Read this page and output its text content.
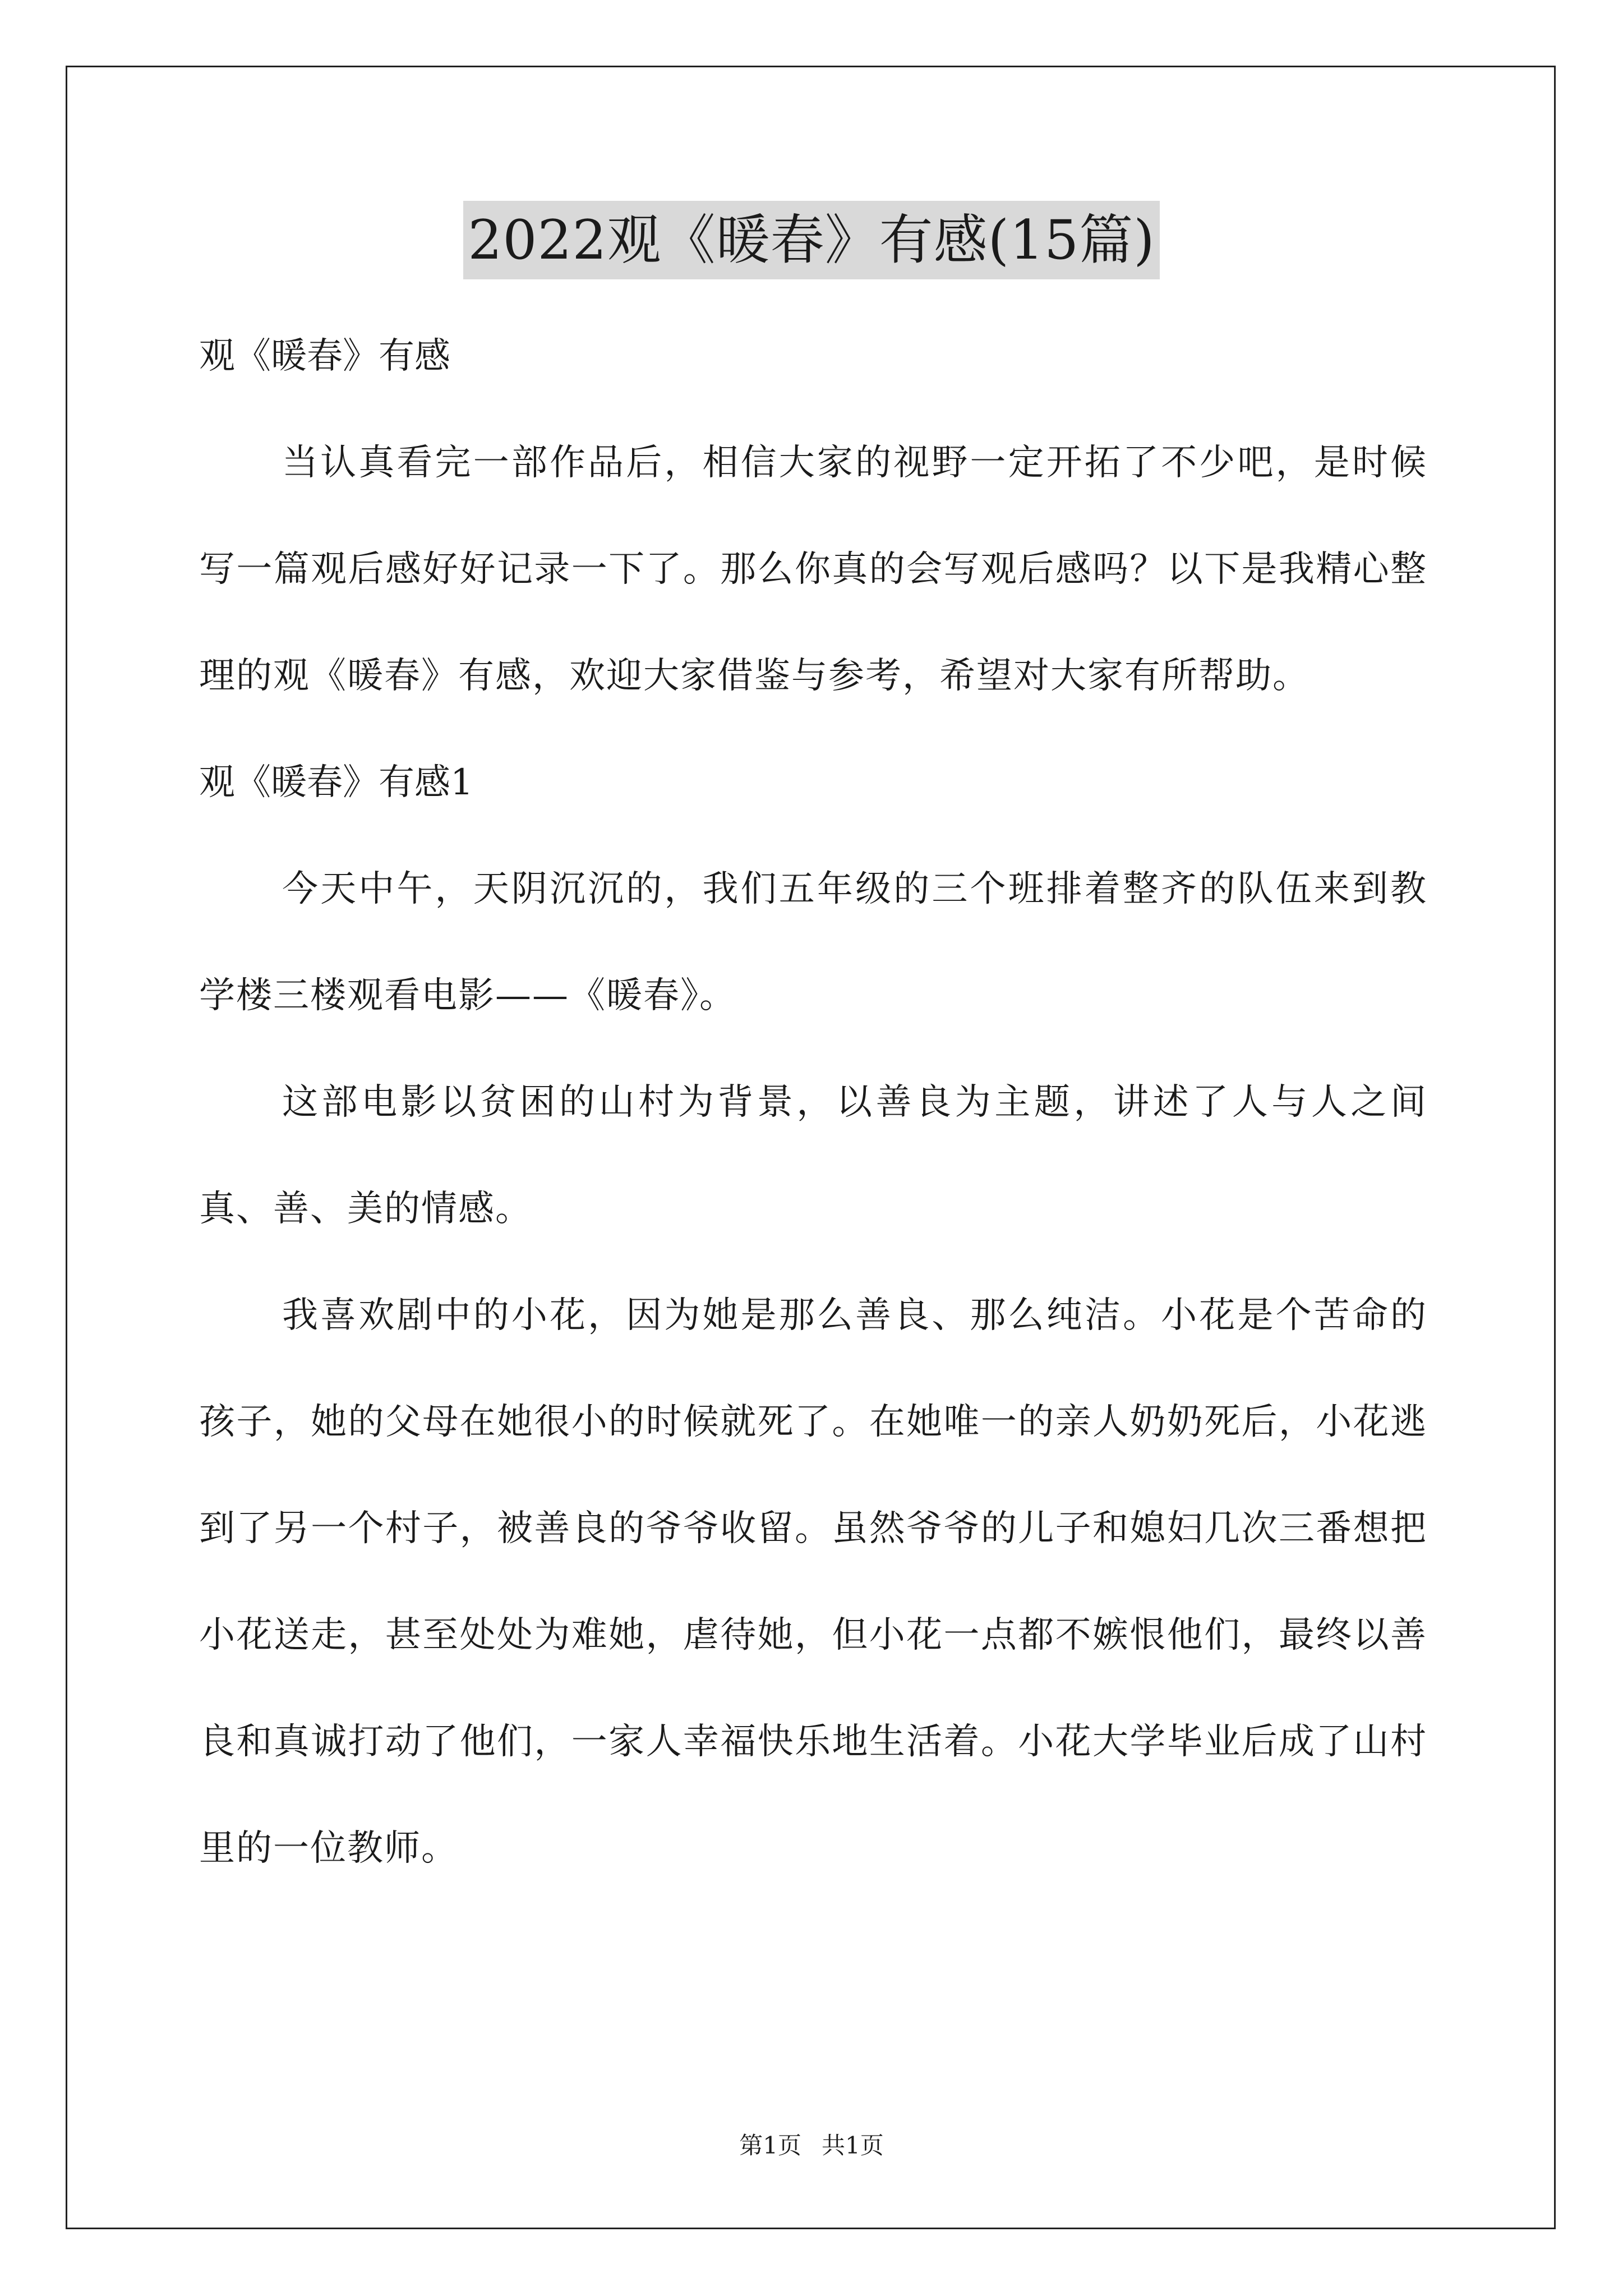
2022观《暖春》有感(15篇)

观《暖春》有感

当认真看完一部作品后，相信大家的视野一定开拓了不少吧，是时候写一篇观后感好好记录一下了。那么你真的会写观后感吗？以下是我精心整理的观《暖春》有感，欢迎大家借鉴与参考，希望对大家有所帮助。

观《暖春》有感1

今天中午，天阴沉沉的，我们五年级的三个班排着整齐的队伍来到教学楼三楼观看电影——《暖春》。

这部电影以贫困的山村为背景，以善良为主题，讲述了人与人之间真、善、美的情感。

我喜欢剧中的小花，因为她是那么善良、那么纯洁。小花是个苦命的孩子，她的父母在她很小的时候就死了。在她唯一的亲人奶奶死后，小花逃到了另一个村子，被善良的爷爷收留。虽然爷爷的儿子和媳妇几次三番想把小花送走，甚至处处为难她，虐待她，但小花一点都不嫉恨他们，最终以善良和真诚打动了他们，一家人幸福快乐地生活着。小花大学毕业后成了山村里的一位教师。

第1页 共1页
